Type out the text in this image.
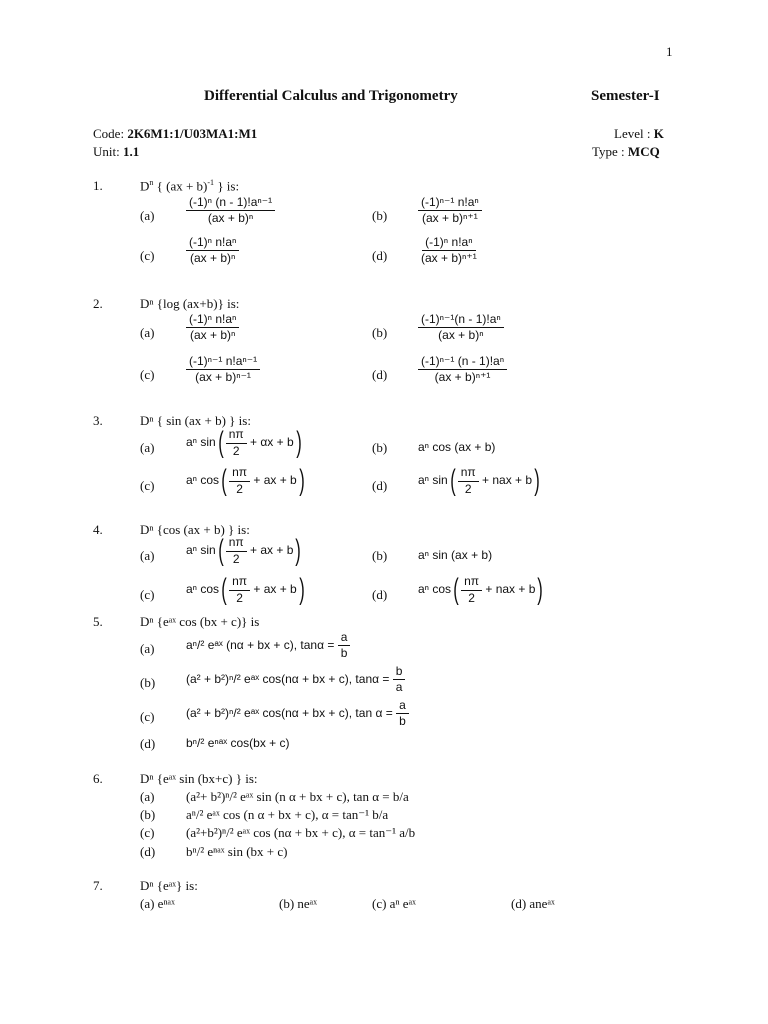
1
Differential Calculus and Trigonometry	Semester-I
Code: 2K6M1:1/U03MA1:M1
Unit: 1.1
Level : K
Type : MCQ
1.	$D^n$ { (ax + b)$^{-1}$ } is:
(a)	$\frac{\text{(-1)ⁿ (n - 1)!aⁿ⁻¹}}{\text{(ax + b)ⁿ}}$	(b)	$\frac{\text{(-1)ⁿ⁻¹ n!aⁿ}}{\text{(ax + b)ⁿ⁺¹}}$
(c)	$\frac{\text{(-1)ⁿ n!aⁿ}}{\text{(ax + b)ⁿ}}$	(d)	$\frac{\text{(-1)ⁿ n!aⁿ}}{\text{(ax + b)ⁿ⁺¹}}$
2.	Dⁿ {log (ax+b)} is:
(a)	$\frac{\text{(-1)ⁿ n!aⁿ}}{\text{(ax + b)ⁿ}}$	(b)	$\frac{\text{(-1)ⁿ⁻¹(n - 1)!aⁿ}}{\text{(ax + b)ⁿ}}$
(c)	$\frac{\text{(-1)ⁿ⁻¹ n!aⁿ⁻¹}}{\text{(ax + b)ⁿ⁻¹}}$	(d)	$\frac{\text{(-1)ⁿ⁻¹ (n - 1)!aⁿ}}{\text{(ax + b)ⁿ⁺¹}}$
3.	Dⁿ { sin (ax + b) } is:
(a)	aⁿ $\sin( \frac{n\pi}{2} + \alpha x + b)$	(b)	aⁿ cos (ax + b)
(c)	aⁿ $\cos( \frac{n\pi}{2}$ + ax + b)	(d)	aⁿ $\sin( \frac{n\pi}{2}$ + nax + b)
4.	Dⁿ {cos (ax + b) } is:
(a)	aⁿ $\sin( \frac{n\pi}{2}$ + ax + b)	(b)	aⁿ sin (ax + b)
(c)	aⁿ $\cos( \frac{n\pi}{2}$ + ax + b)	(d)	aⁿ $\cos( \frac{n\pi}{2}$ + nax + b)
5.	Dⁿ {eᵃˣ cos (bx + c)} is
(a)	aⁿ/² eᵃˣ (nα + bx + c), $\tan\alpha = \frac{a}{b}$
(b)	(a² + b²)ⁿ/² eᵃˣ cos(nα + bx + c), $\tan\alpha = \frac{b}{a}$
(c)	(a² + b²)ⁿ/² eᵃˣ cos(nα + bx + c), $\tan \alpha = \frac{a}{b}$
(d)	bⁿ/² eⁿᵃˣ cos(bx + c)
6.	Dⁿ {eᵃˣ sin (bx+c) } is:
(a) (a²+ b²)ⁿ/² eᵃˣ sin (n α + bx + c), tan α = b/a
(b) aⁿ/² eᵃˣ cos (n α + bx + c), α = tan⁻¹ b/a
(c) (a²+b²)ⁿ/² eᵃˣ cos (nα + bx + c), α = tan⁻¹ a/b
(d) bⁿ/² eⁿᵃˣ sin (bx + c)
7.	Dⁿ {eᵃˣ} is:
(a) eⁿᵃˣ	(b) neᵃˣ	(c) aⁿ eᵃˣ	(d) aneᵃˣ
